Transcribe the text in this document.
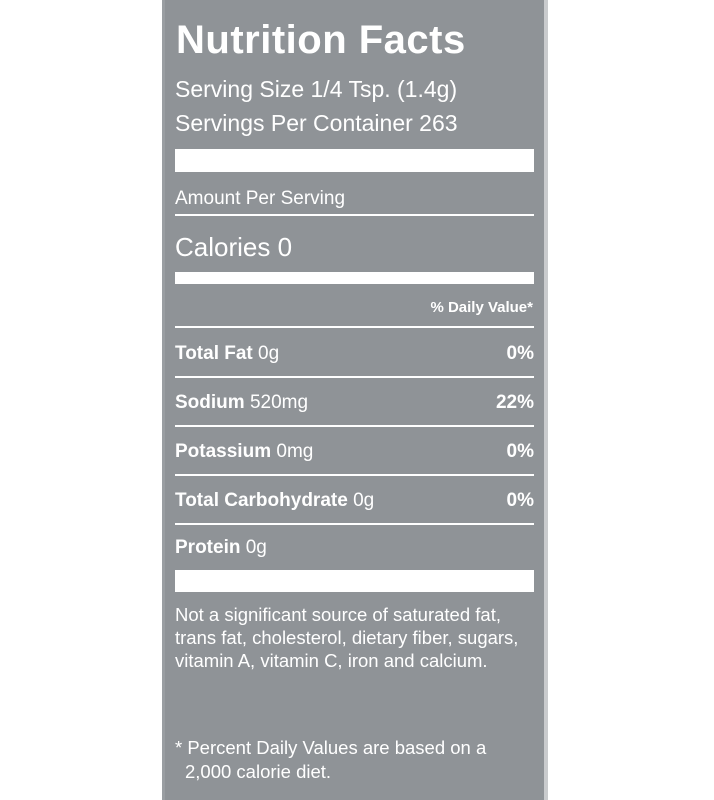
Nutrition Facts
Serving Size 1/4 Tsp. (1.4g)
Servings Per Container 263
Amount Per Serving
Calories 0
% Daily Value*
Total Fat 0g	0%
Sodium 520mg	22%
Potassium 0mg	0%
Total Carbohydrate 0g	0%
Protein 0g
Not a significant source of saturated fat, trans fat, cholesterol, dietary fiber, sugars, vitamin A, vitamin C, iron and calcium.
* Percent Daily Values are based on a
2,000 calorie diet.
